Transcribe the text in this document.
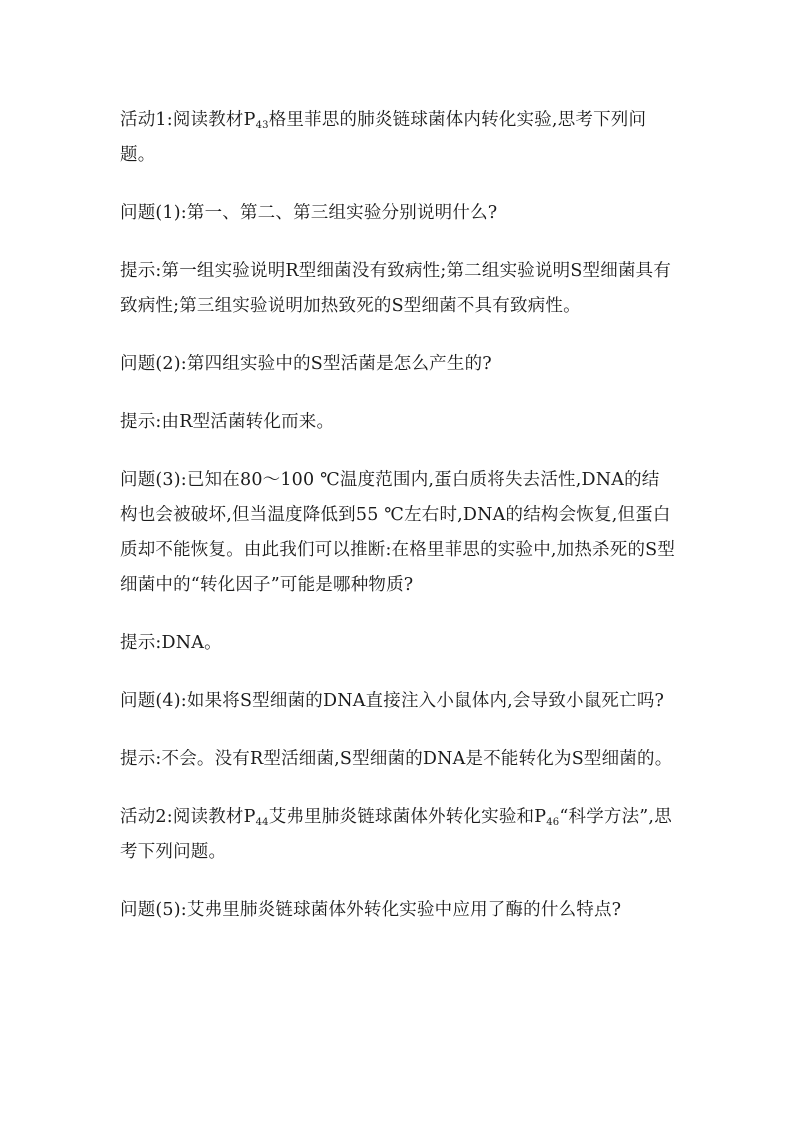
活动1:阅读教材$P_{43}$格里菲思的肺炎链球菌体内转化实验,思考下列问题。

问题(1):第一、第二、第三组实验分别说明什么?

提示:第一组实验说明R型细菌没有致病性;第二组实验说明S型细菌具有致病性;第三组实验说明加热致死的S型细菌不具有致病性。

问题(2):第四组实验中的S型活菌是怎么产生的?

提示:由R型活菌转化而来。

问题(3):已知在80～100 ℃温度范围内,蛋白质将失去活性,DNA的结构也会被破坏,但当温度降低到55 ℃左右时,DNA的结构会恢复,但蛋白质却不能恢复。由此我们可以推断:在格里菲思的实验中,加热杀死的S型细菌中的“转化因子”可能是哪种物质?

提示:DNA。

问题(4):如果将S型细菌的DNA直接注入小鼠体内,会导致小鼠死亡吗?

提示:不会。没有R型活细菌,S型细菌的DNA是不能转化为S型细菌的。

活动2:阅读教材$P_{44}$艾弗里肺炎链球菌体外转化实验和$P_{46}“$科学方法”,思考下列问题。

问题(5):艾弗里肺炎链球菌体外转化实验中应用了酶的什么特点?
